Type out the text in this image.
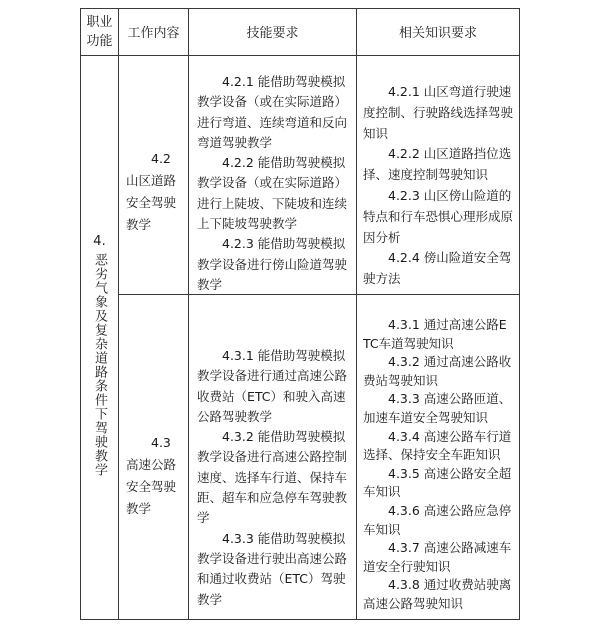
职业
功能
工作内容	技能要求	相关知识要求
4.
恶劣气象及复杂道路条件下驾驶教学
4.2 山区道路安全驾驶教学
4.2.1 能借助驾驶模拟教学设备（或在实际道路）进行弯道、连续弯道和反向弯道驾驶教学
4.2.2 能借助驾驶模拟教学设备（或在实际道路）进行上陡坡、下陡坡和连续上下陡坡驾驶教学
4.2.3 能借助驾驶模拟教学设备进行傍山险道驾驶教学
4.2.1 山区弯道行驶速度控制、行驶路线选择驾驶知识
4.2.2 山区道路挡位选择、速度控制驾驶知识
4.2.3 山区傍山险道的特点和行车恐惧心理形成原因分析
4.2.4 傍山险道安全驾驶方法
4.3 高速公路安全驾驶教学
4.3.1 能借助驾驶模拟教学设备进行通过高速公路收费站（ETC）和驶入高速公路驾驶教学
4.3.2 能借助驾驶模拟教学设备进行高速公路控制速度、选择车行道、保持车距、超车和应急停车驾驶教学
4.3.3 能借助驾驶模拟教学设备进行驶出高速公路和通过收费站（ETC）驾驶教学
4.3.1 通过高速公路ETC车道驾驶知识
4.3.2 通过高速公路收费站驾驶知识
4.3.3 高速公路匝道、加速车道安全驾驶知识
4.3.4 高速公路车行道选择、保持安全车距知识
4.3.5 高速公路安全超车知识
4.3.6 高速公路应急停车知识
4.3.7 高速公路减速车道安全行驶知识
4.3.8 通过收费站驶离高速公路驾驶知识
